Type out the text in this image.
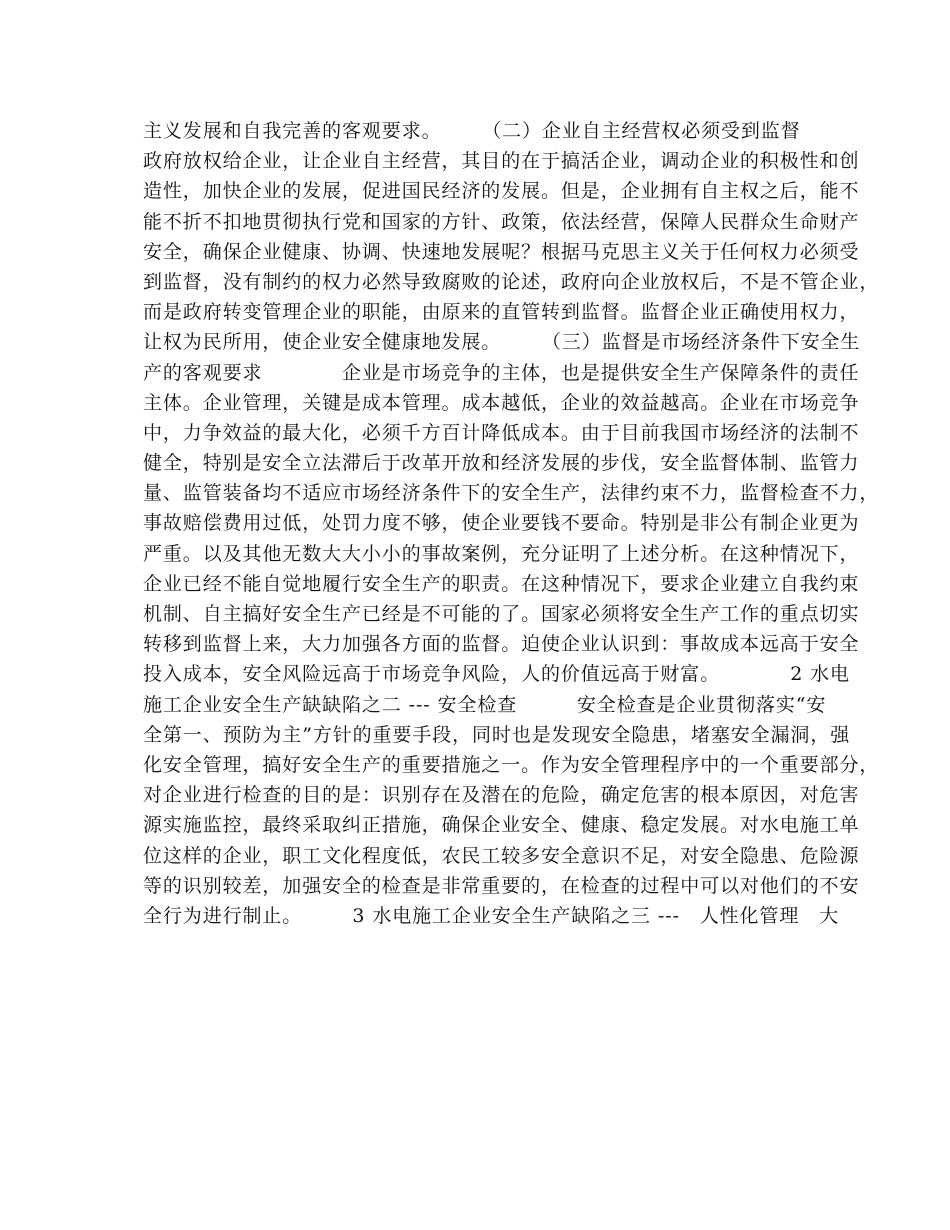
主义发展和自我完善的客观要求。　　　（二）企业自主经营权必须受到监督
政府放权给企业，让企业自主经营，其目的在于搞活企业，调动企业的积极性和创
造性，加快企业的发展，促进国民经济的发展。但是，企业拥有自主权之后，能不
能不折不扣地贯彻执行党和国家的方针、政策，依法经营，保障人民群众生命财产
安全，确保企业健康、协调、快速地发展呢？根据马克思主义关于任何权力必须受
到监督，没有制约的权力必然导致腐败的论述，政府向企业放权后，不是不管企业，
而是政府转变管理企业的职能，由原来的直管转到监督。监督企业正确使用权力，
让权为民所用，使企业安全健康地发展。　　　（三）监督是市场经济条件下安全生
产的客观要求　　　　企业是市场竞争的主体，也是提供安全生产保障条件的责任
主体。企业管理，关键是成本管理。成本越低，企业的效益越高。企业在市场竞争
中，力争效益的最大化，必须千方百计降低成本。由于目前我国市场经济的法制不
健全，特别是安全立法滞后于改革开放和经济发展的步伐，安全监督体制、监管力
量、监管装备均不适应市场经济条件下的安全生产，法律约束不力，监督检查不力，
事故赔偿费用过低，处罚力度不够，使企业要钱不要命。特别是非公有制企业更为
严重。以及其他无数大大小小的事故案例，充分证明了上述分析。在这种情况下，
企业已经不能自觉地履行安全生产的职责。在这种情况下，要求企业建立自我约束
机制、自主搞好安全生产已经是不可能的了。国家必须将安全生产工作的重点切实
转移到监督上来，大力加强各方面的监督。迫使企业认识到：事故成本远高于安全
投入成本，安全风险远高于市场竞争风险，人的价值远高于财富。　　　　2 水电
施工企业安全生产缺缺陷之二 --- 安全检查　　　安全检查是企业贯彻落实“安
全第一、预防为主”方针的重要手段，同时也是发现安全隐患，堵塞安全漏洞，强
化安全管理，搞好安全生产的重要措施之一。作为安全管理程序中的一个重要部分，
对企业进行检查的目的是：识别存在及潜在的危险，确定危害的根本原因，对危害
源实施监控，最终采取纠正措施，确保企业安全、健康、稳定发展。对水电施工单
位这样的企业，职工文化程度低，农民工较多安全意识不足，对安全隐患、危险源
等的识别较差，加强安全的检查是非常重要的，在检查的过程中可以对他们的不安
全行为进行制止。　　　3 水电施工企业安全生产缺陷之三 ---　人性化管理　大
